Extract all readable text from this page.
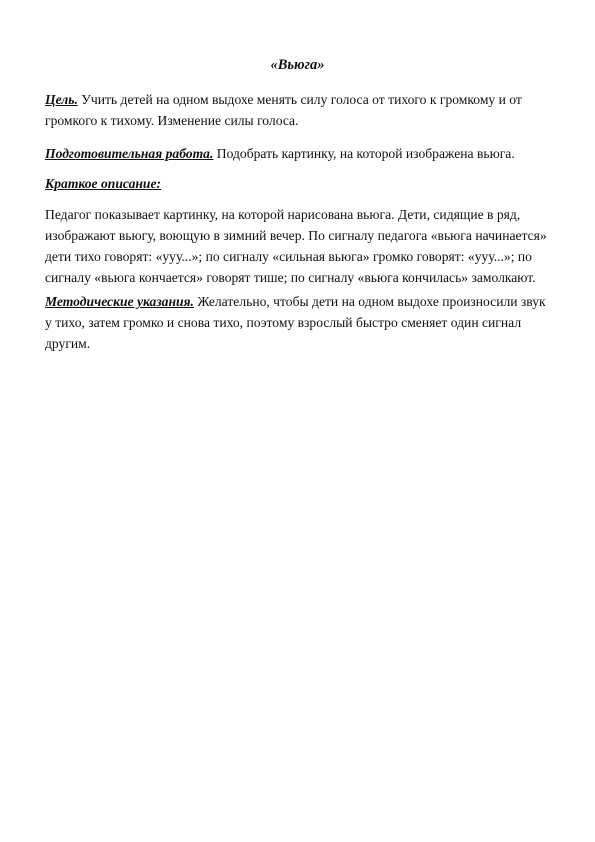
«Вьюга»

Цель. Учить детей на одном выдохе менять силу голоса от тихого к громкому и от громкого к тихому. Изменение силы голоса.

Подготовительная работа. Подобрать картинку, на которой изображена вьюга.

Краткое описание:

Педагог показывает картинку, на которой нарисована вьюга. Дети, сидящие в ряд, изображают вьюгу, воющую в зимний вечер. По сигналу педагога «вьюга начинается» дети тихо говорят: «ууу...»; по сигналу «сильная вьюга» громко говорят: «ууу...»; по сигналу «вьюга кончается» говорят тише; по сигналу «вьюга кончилась» замолкают.

Методические указания. Желательно, чтобы дети на одном выдохе произносили звук у тихо, затем громко и снова тихо, поэтому взрослый быстро сменяет один сигнал другим.
